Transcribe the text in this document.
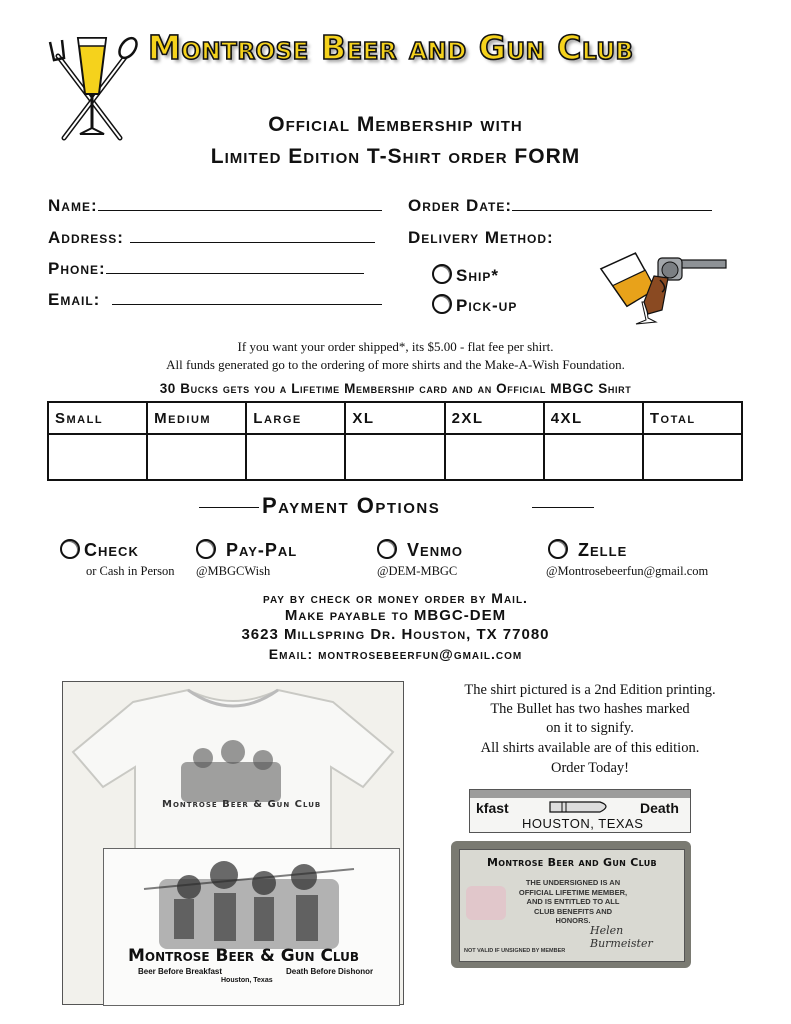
Montrose Beer and Gun Club
Official Membership with
Limited Edition T-Shirt order FORM
Name:
Address:
Phone:
Email:
Order Date:
Delivery Method:
Ship*
Pick-up
If you want your order shipped*, its $5.00 - flat fee per shirt.
All funds generated go to the ordering of more shirts and the Make-A-Wish Foundation.
30 Bucks gets you a Lifetime Membership card and an Official MBGC Shirt
Small	Medium	Large	XL	2XL	4XL	Total

Payment Options
Check
or Cash in Person
Pay-Pal
@MBGCWish
Venmo
@DEM-MBGC
Zelle
@Montrosebeerfun@gmail.com
pay by check or money order by Mail.
Make payable to MBGC-DEM
3623 Millspring Dr. Houston, TX 77080
Email: montrosebeerfun@gmail.com
Montrose Beer & Gun Club
Montrose Beer & Gun Club
Beer Before Breakfast	Death Before Dishonor
Houston, Texas
The shirt pictured is a 2nd Edition printing.
The Bullet has two hashes marked
on it to signify.
All shirts available are of this edition.
Order Today!
kfast	Death
HOUSTON, TEXAS
Montrose Beer and Gun Club
THE UNDERSIGNED IS AN OFFICIAL LIFETIME MEMBER, AND IS ENTITLED TO ALL CLUB BENEFITS AND HONORS.
Helen Burmeister
NOT VALID IF UNSIGNED BY MEMBER
